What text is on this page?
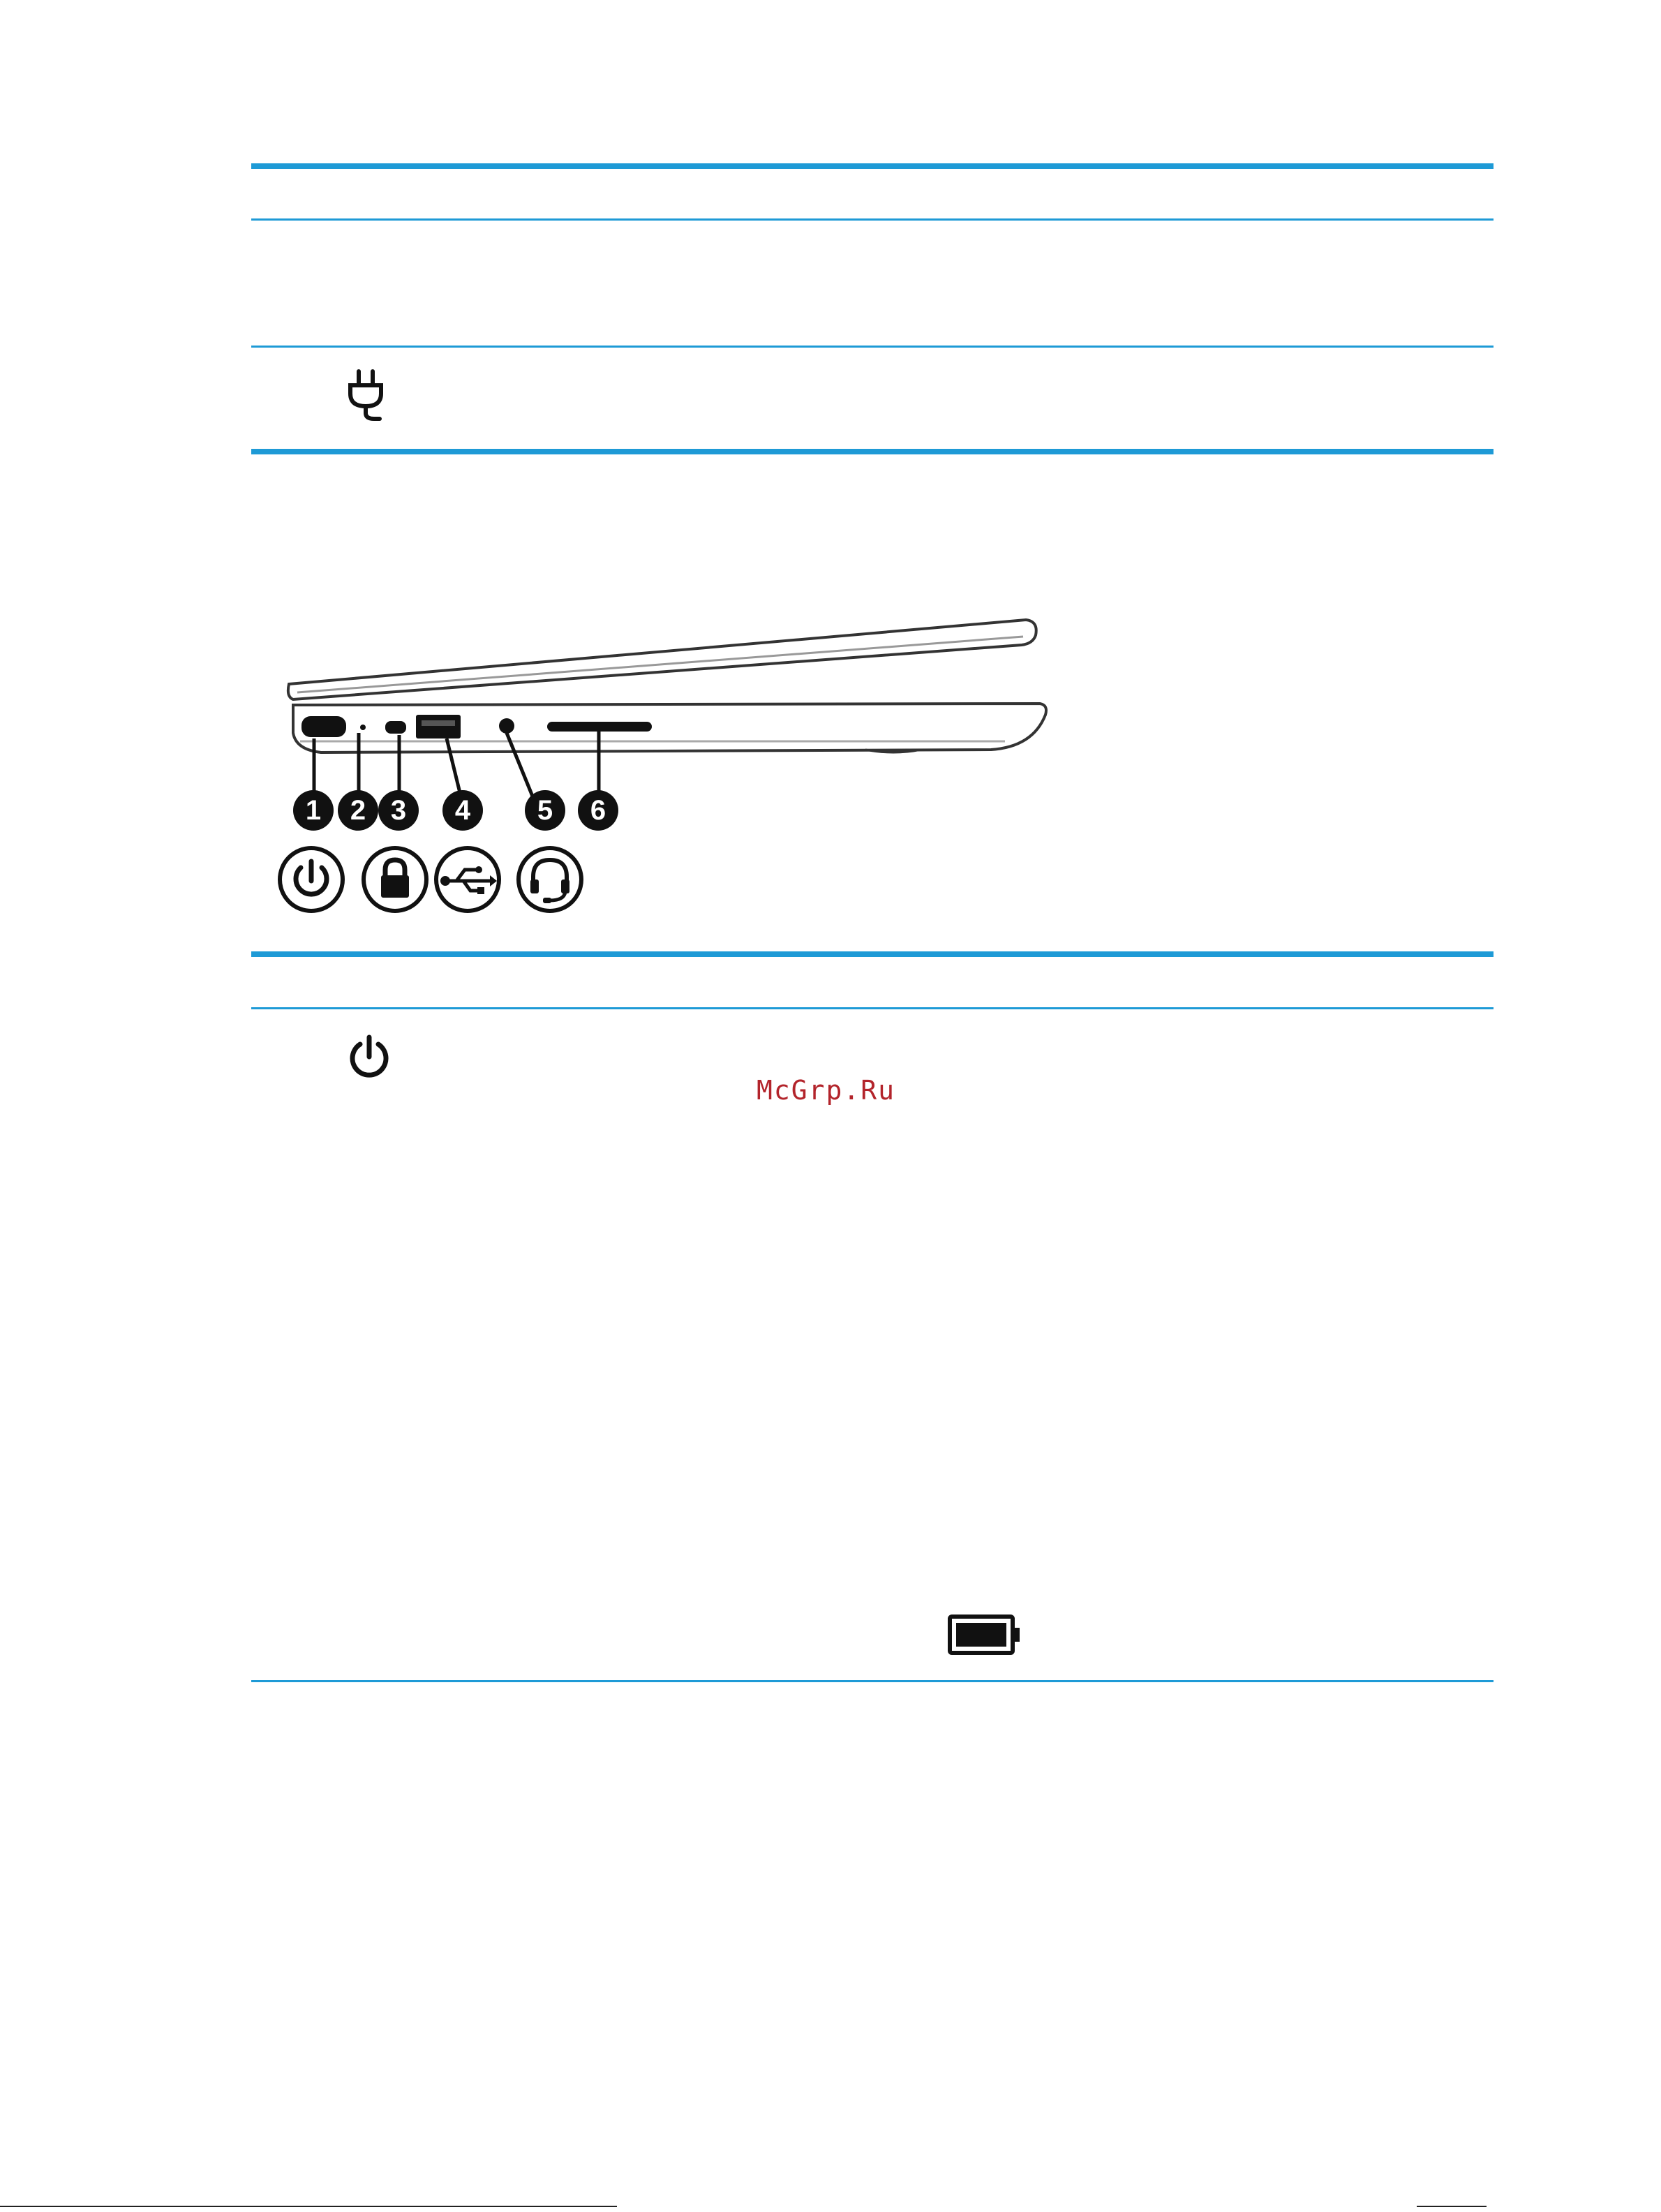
1	2 3	4	5	6
McGrp.Ru
